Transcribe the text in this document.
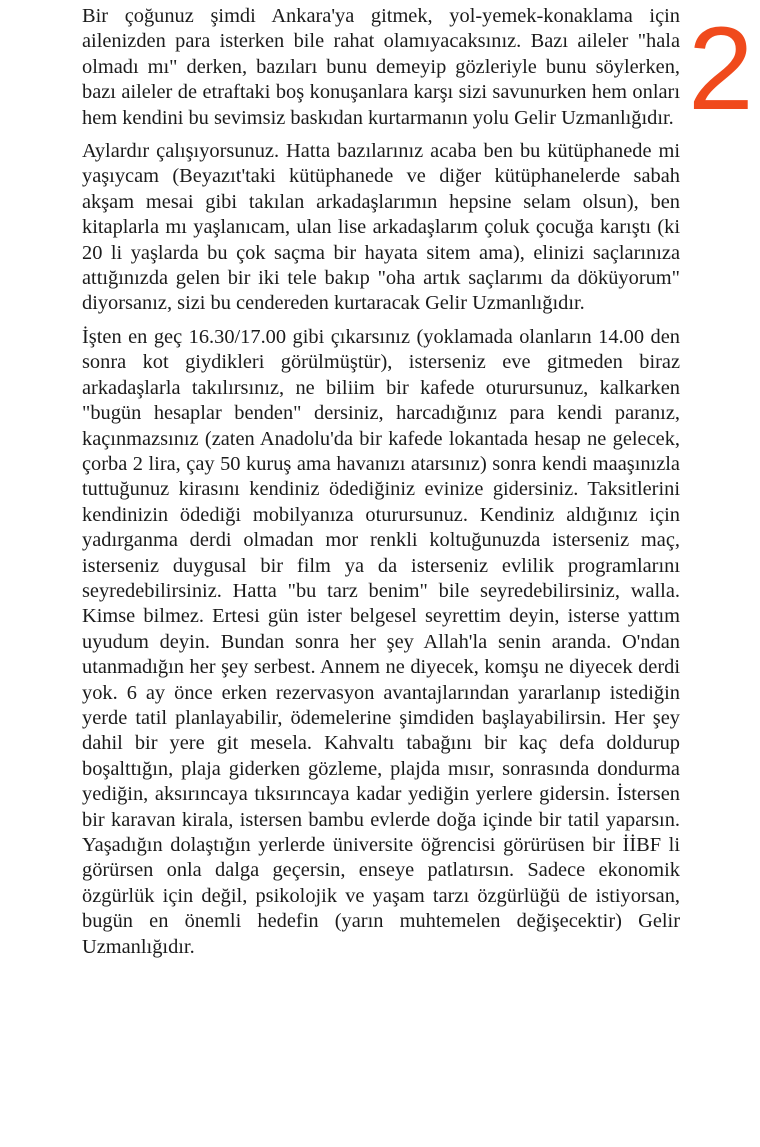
Bir çoğunuz şimdi Ankara'ya gitmek, yol-yemek-konaklama için ailenizden para isterken bile rahat olamıyacaksınız. Bazı aileler "hala olmadı mı" derken, bazıları bunu demeyip gözleriyle bunu söylerken, bazı aileler de etraftaki boş konuşanlara karşı sizi savunurken hem onları hem kendini bu sevimsiz baskıdan kurtarmanın yolu Gelir Uzmanlığıdır.

Aylardır çalışıyorsunuz. Hatta bazılarınız acaba ben bu kütüphanede mi yaşıycam (Beyazıt'taki kütüphanede ve diğer kütüphanelerde sabah akşam mesai gibi takılan arkadaşlarımın hepsine selam olsun), ben kitaplarla mı yaşlanıcam, ulan lise arkadaşlarım çoluk çocuğa karıştı (ki 20 li yaşlarda bu çok saçma bir hayata sitem ama), elinizi saçlarınıza attığınızda gelen bir iki tele bakıp "oha artık saçlarımı da döküyorum" diyorsanız, sizi bu cendereden kurtaracak Gelir Uzmanlığıdır.

İşten en geç 16.30/17.00 gibi çıkarsınız (yoklamada olanların 14.00 den sonra kot giydikleri görülmüştür), isterseniz eve gitmeden biraz arkadaşlarla takılırsınız, ne biliim bir kafede oturursunuz, kalkarken "bugün hesaplar benden" dersiniz, harcadığınız para kendi paranız, kaçınmazsınız (zaten Anadolu'da bir kafede lokantada hesap ne gelecek, çorba 2 lira, çay 50 kuruş ama havanızı atarsınız) sonra kendi maaşınızla tuttuğunuz kirasını kendiniz ödediğiniz evinize gidersiniz. Taksitlerini kendinizin ödediği mobilyanıza oturursunuz. Kendiniz aldığınız için yadırganma derdi olmadan mor renkli koltuğunuzda isterseniz maç, isterseniz duygusal bir film ya da isterseniz evlilik programlarını seyredebilirsiniz. Hatta "bu tarz benim" bile seyredebilirsiniz, walla. Kimse bilmez. Ertesi gün ister belgesel seyrettim deyin, isterse yattım uyudum deyin. Bundan sonra her şey Allah'la senin aranda. O'ndan utanmadığın her şey serbest. Annem ne diyecek, komşu ne diyecek derdi yok. 6 ay önce erken rezervasyon avantajlarından yararlanıp istediğin yerde tatil planlayabilir, ödemelerine şimdiden başlayabilirsin. Her şey dahil bir yere git mesela. Kahvaltı tabağını bir kaç defa doldurup boşalttığın, plaja giderken gözleme, plajda mısır, sonrasında dondurma yediğin, aksırıncaya tıksırıncaya kadar yediğin yerlere gidersin. İstersen bir karavan kirala, istersen bambu evlerde doğa içinde bir tatil yaparsın. Yaşadığın dolaştığın yerlerde üniversite öğrencisi görürüsen bir İİBF li görürsen onla dalga geçersin, enseye patlatırsın. Sadece ekonomik özgürlük için değil, psikolojik ve yaşam tarzı özgürlüğü de istiyorsan, bugün en önemli hedefin (yarın muhtemelen değişecektir) Gelir Uzmanlığıdır.

2
